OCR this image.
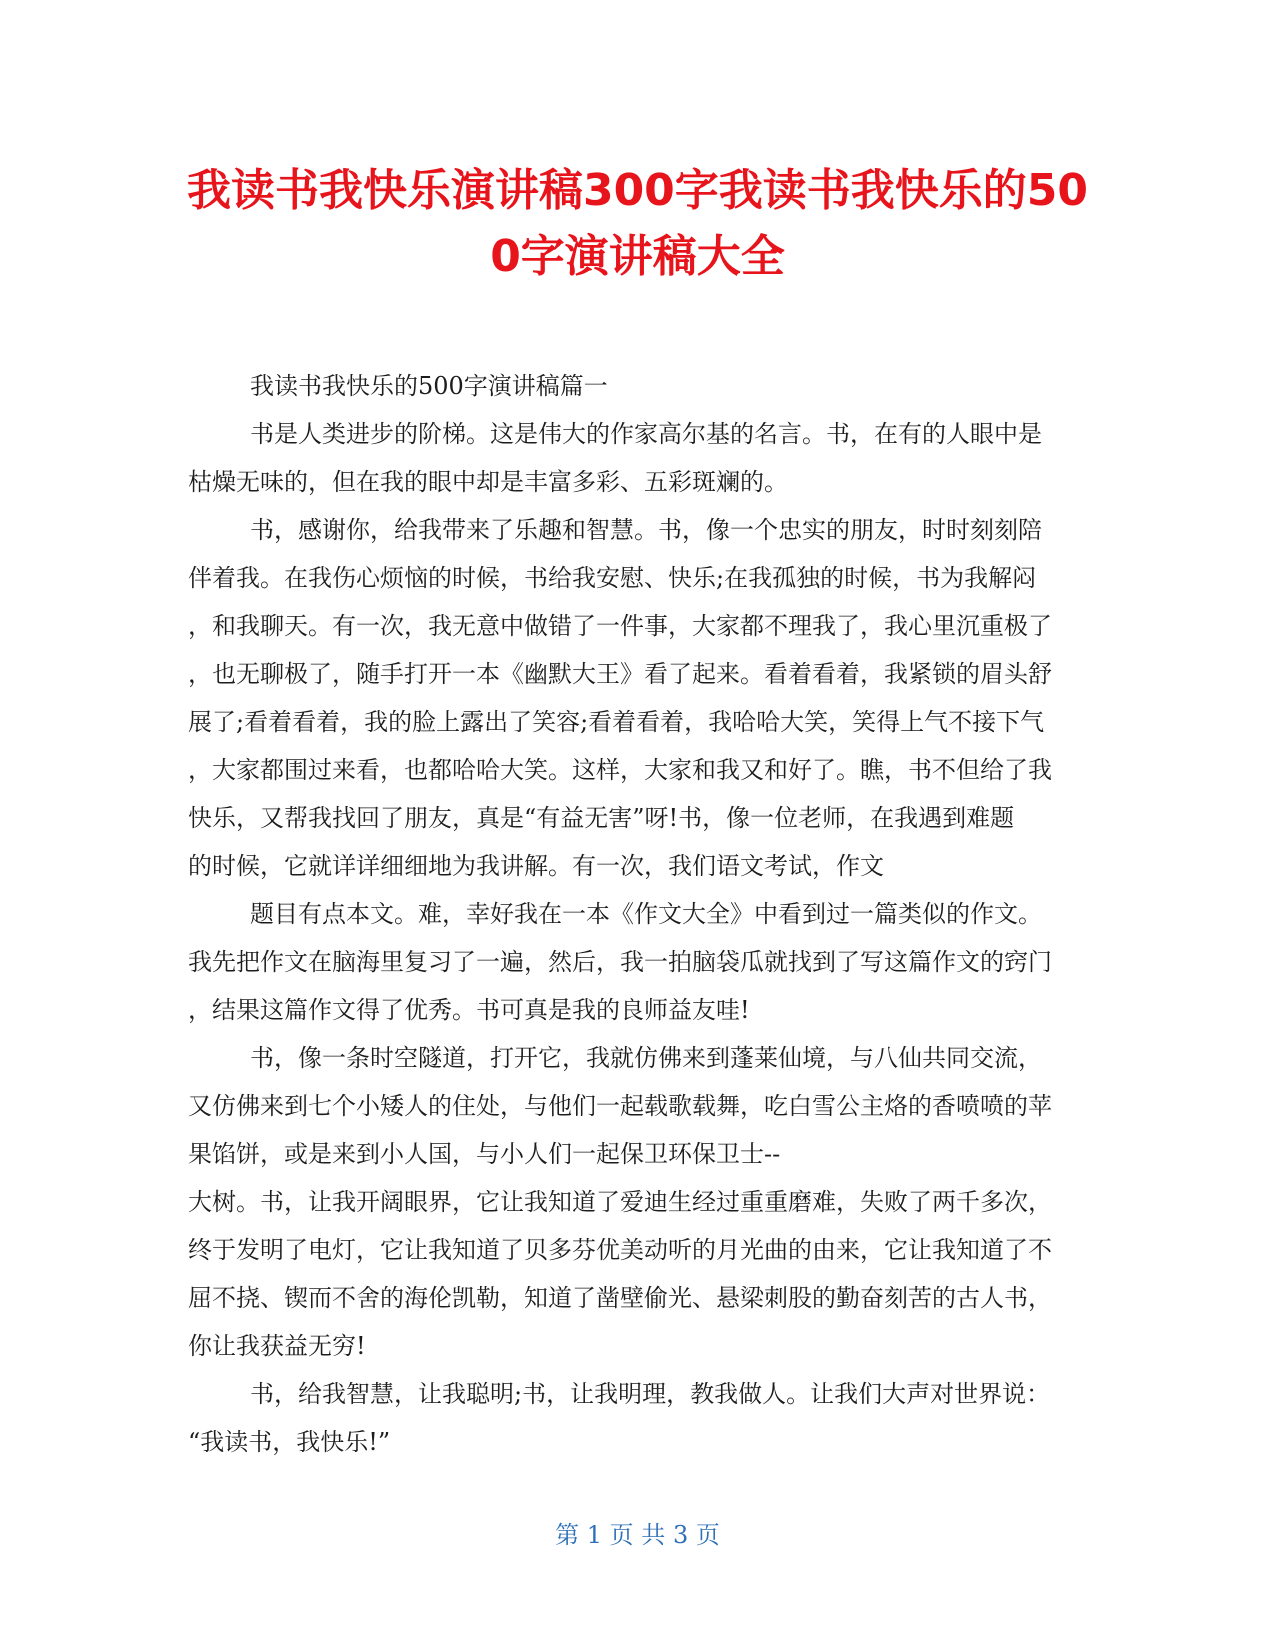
我读书我快乐演讲稿300字我读书我快乐的50
0字演讲稿大全
我读书我快乐的500字演讲稿篇一
书是人类进步的阶梯。这是伟大的作家高尔基的名言。书，在有的人眼中是
枯燥无味的，但在我的眼中却是丰富多彩、五彩斑斓的。
书，感谢你，给我带来了乐趣和智慧。书，像一个忠实的朋友，时时刻刻陪
伴着我。在我伤心烦恼的时候，书给我安慰、快乐;在我孤独的时候，书为我解闷
，和我聊天。有一次，我无意中做错了一件事，大家都不理我了，我心里沉重极了
，也无聊极了，随手打开一本《幽默大王》看了起来。看着看着，我紧锁的眉头舒
展了;看着看着，我的脸上露出了笑容;看着看着，我哈哈大笑，笑得上气不接下气
，大家都围过来看，也都哈哈大笑。这样，大家和我又和好了。瞧，书不但给了我
快乐，又帮我找回了朋友，真是“有益无害”呀!书，像一位老师，在我遇到难题
的时候，它就详详细细地为我讲解。有一次，我们语文考试，作文
题目有点本文。难，幸好我在一本《作文大全》中看到过一篇类似的作文。
我先把作文在脑海里复习了一遍，然后，我一拍脑袋瓜就找到了写这篇作文的窍门
，结果这篇作文得了优秀。书可真是我的良师益友哇!
书，像一条时空隧道，打开它，我就仿佛来到蓬莱仙境，与八仙共同交流，
又仿佛来到七个小矮人的住处，与他们一起载歌载舞，吃白雪公主烙的香喷喷的苹
果馅饼，或是来到小人国，与小人们一起保卫环保卫士--
大树。书，让我开阔眼界，它让我知道了爱迪生经过重重磨难，失败了两千多次，
终于发明了电灯，它让我知道了贝多芬优美动听的月光曲的由来，它让我知道了不
屈不挠、锲而不舍的海伦凯勒，知道了凿壁偷光、悬梁刺股的勤奋刻苦的古人书，
你让我获益无穷!
书，给我智慧，让我聪明;书，让我明理，教我做人。让我们大声对世界说：
“我读书，我快乐!”
第 1 页 共 3 页
